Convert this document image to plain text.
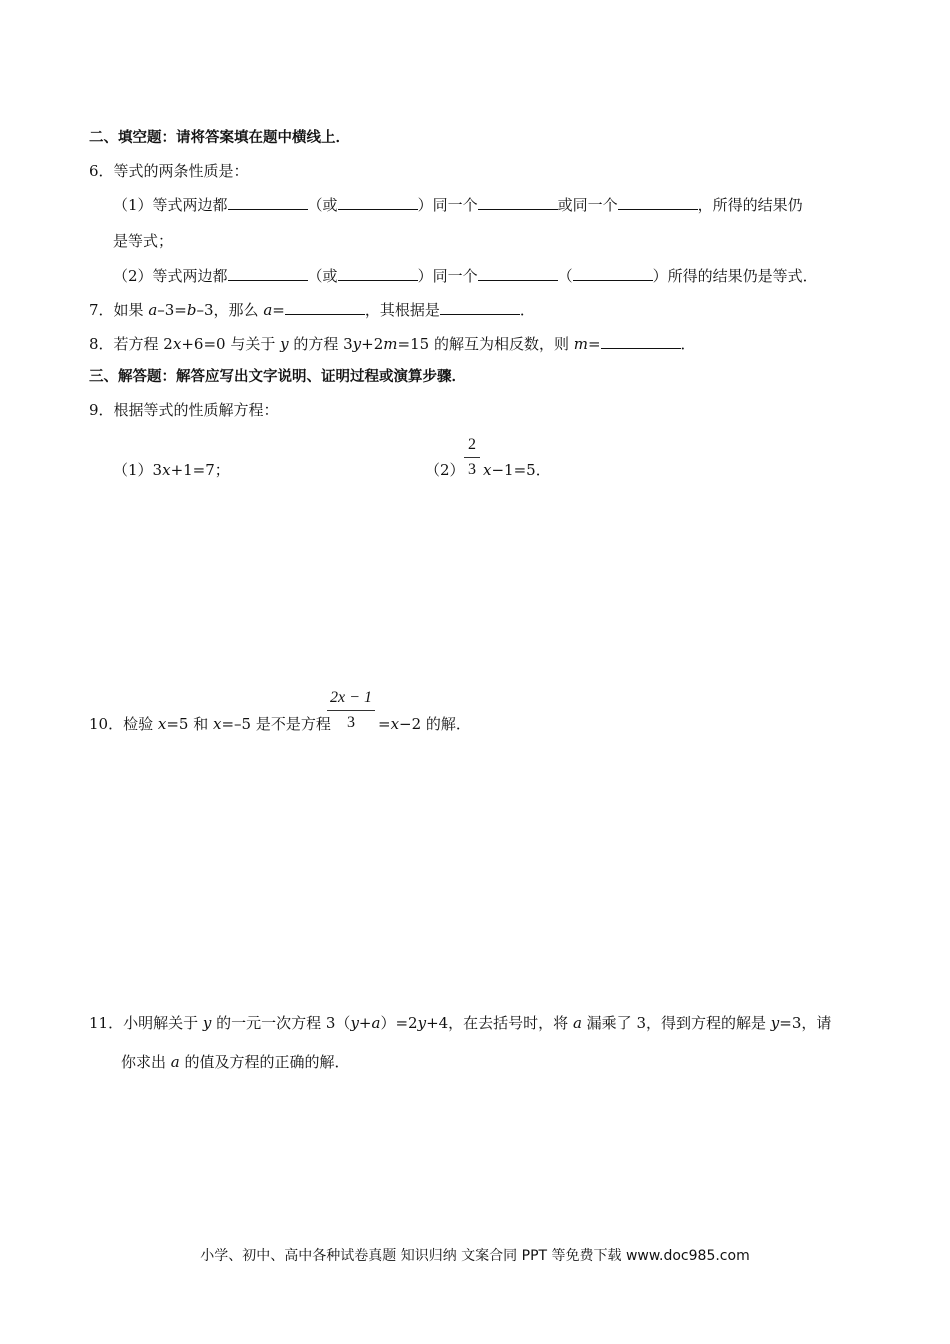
二、填空题：请将答案填在题中横线上．
6．等式的两条性质是：
（1）等式两边都	（或	）同一个	或同一个	，所得的结果仍
是等式；
（2）等式两边都	（或	）同一个	（	）所得的结果仍是等式．
7．如果 a–3=b–3，那么 a=	，其根据是	．
8．若方程 2x+6=0 与关于 y 的方程 3y+2m=15 的解互为相反数，则 m=	．
三、解答题：解答应写出文字说明、证明过程或演算步骤．
9．根据等式的性质解方程：
（1）3x+1=7；	（2）
2
3 x−1=5．
10．检验 x=5 和 x=–5 是不是方程
2x − 1
3	=x−2 的解．
11．小明解关于 y 的一元一次方程 3（y+a）=2y+4，在去括号时，将 a 漏乘了 3，得到方程的解是 y=3，请
你求出 a 的值及方程的正确的解．
小学、初中、高中各种试卷真题 知识归纳 文案合同 PPT 等免费下载 www.doc985.com
